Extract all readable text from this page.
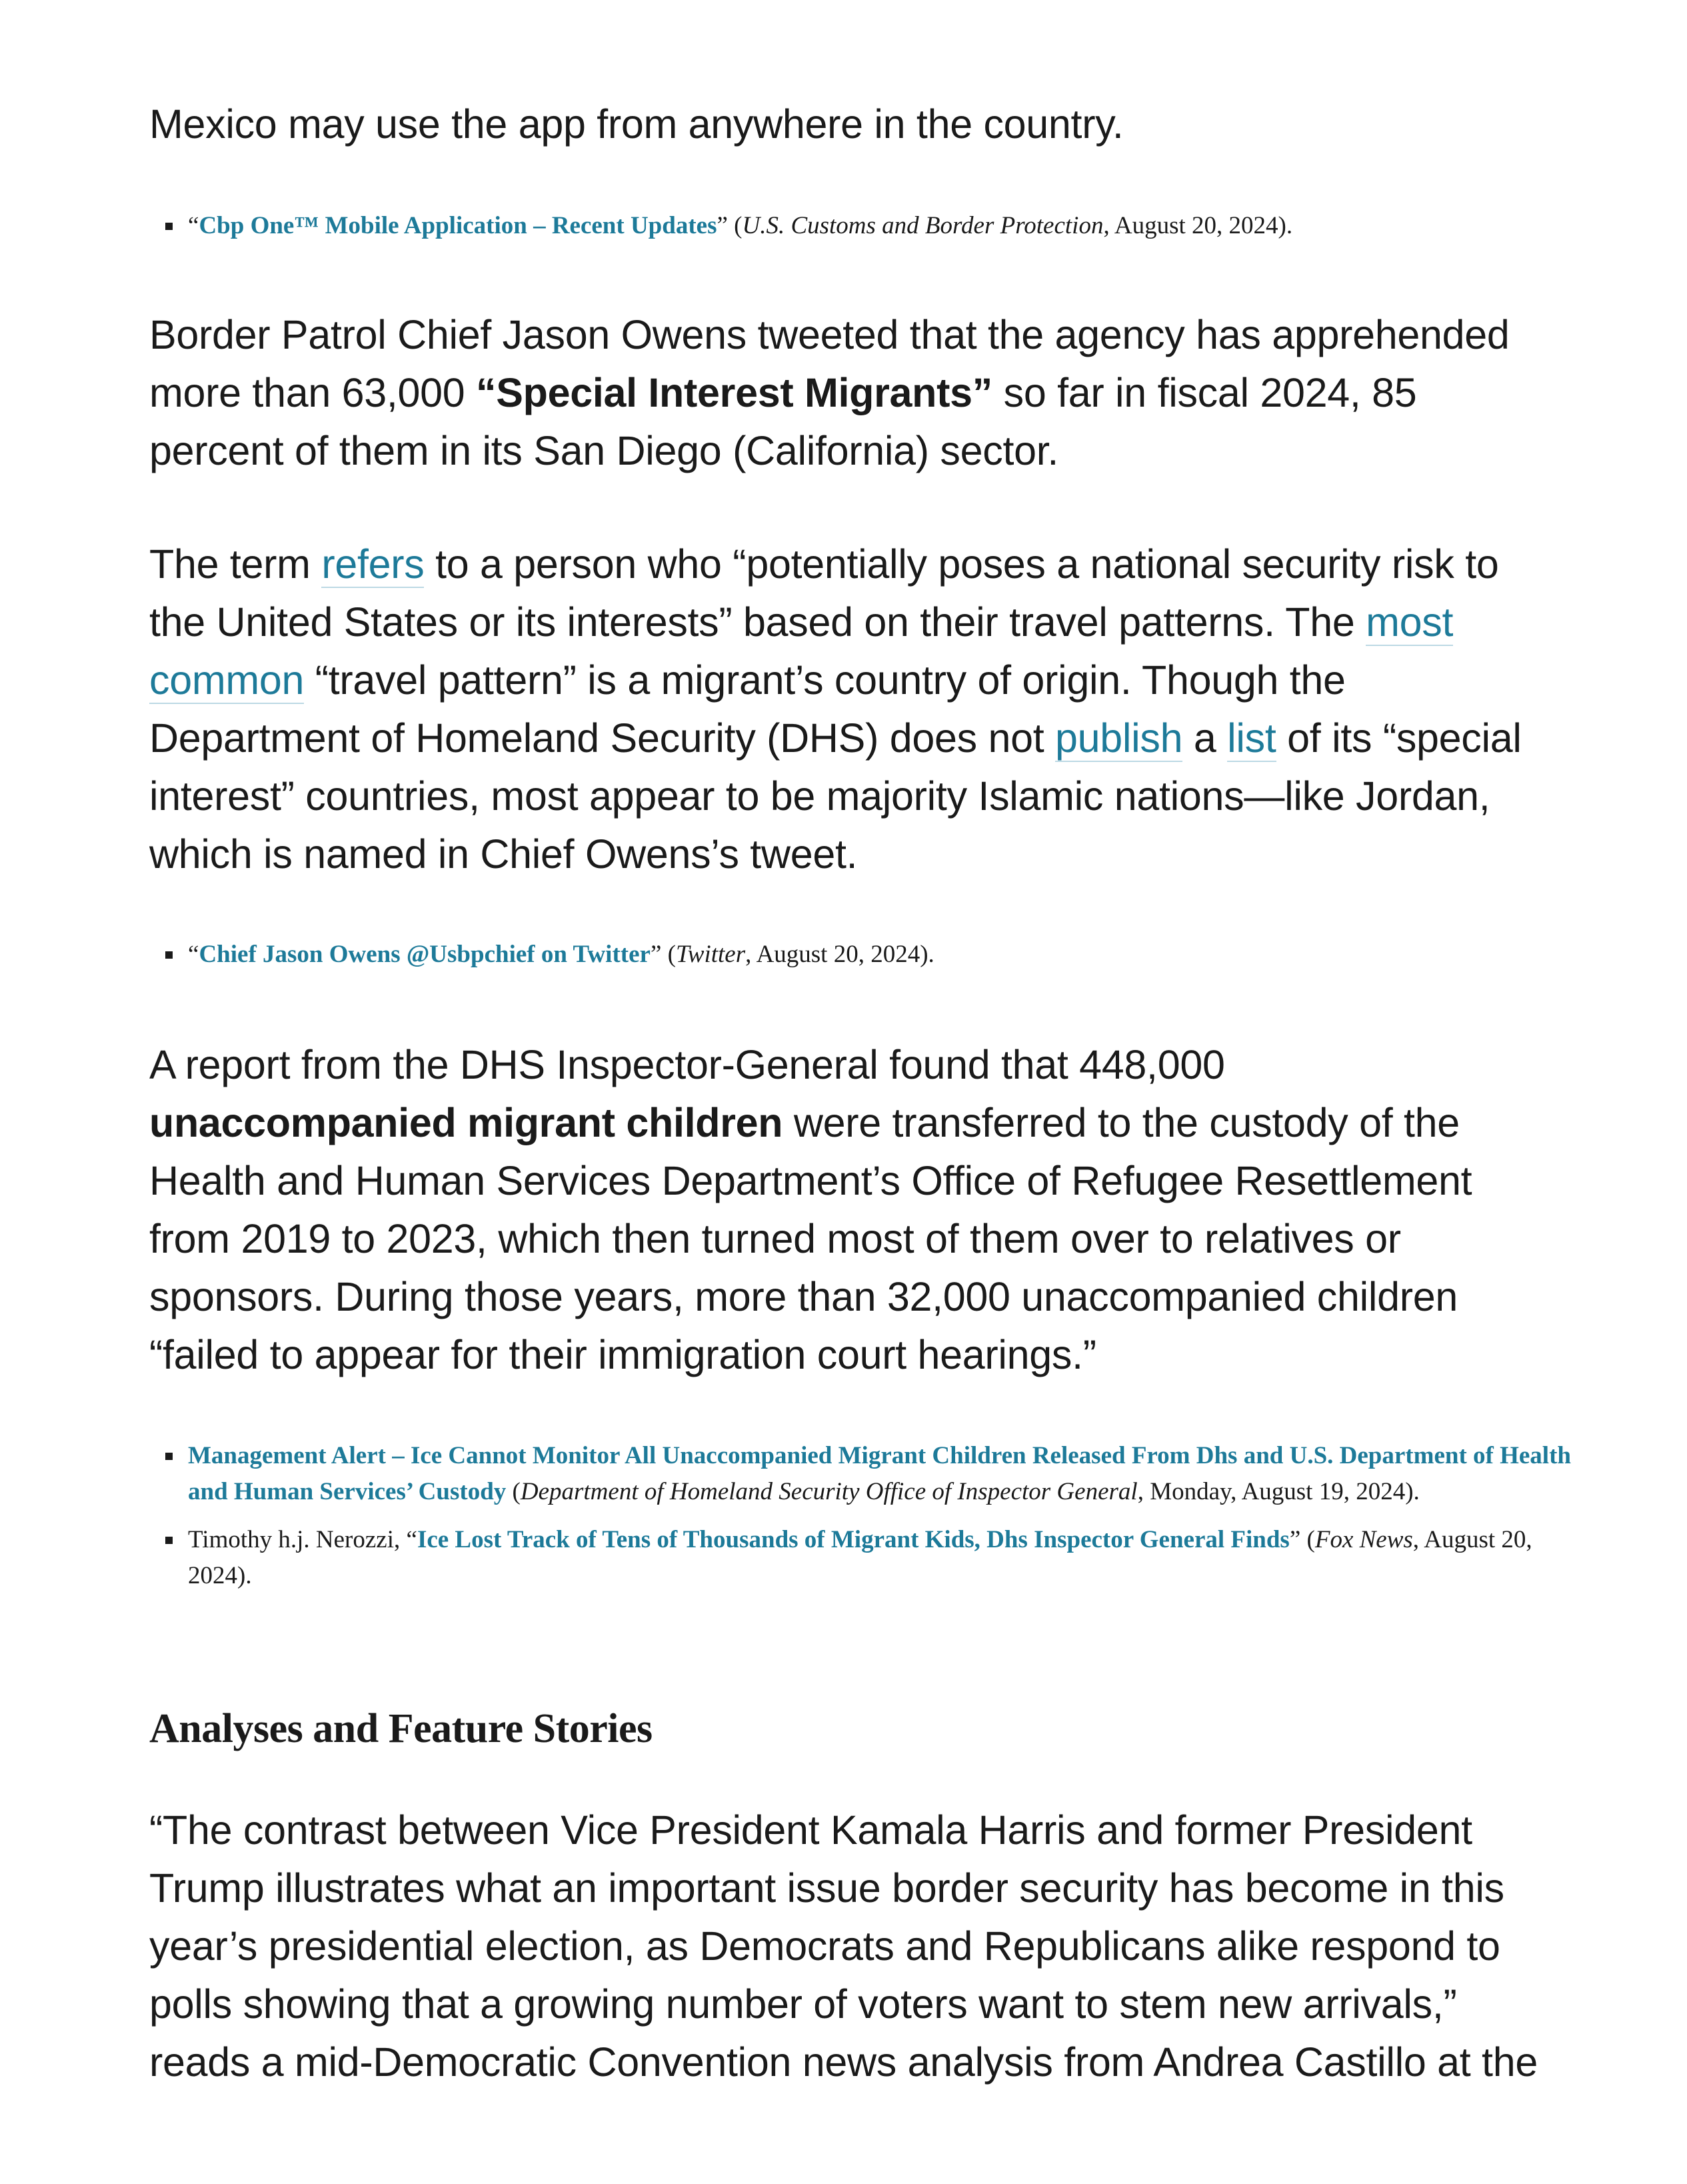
Mexico may use the app from anywhere in the country.

“Cbp One™ Mobile Application – Recent Updates” (U.S. Customs and Border Protection, August 20, 2024).

Border Patrol Chief Jason Owens tweeted that the agency has apprehended more than 63,000 “Special Interest Migrants” so far in fiscal 2024, 85 percent of them in its San Diego (California) sector.

The term refers to a person who “potentially poses a national security risk to the United States or its interests” based on their travel patterns. The most common “travel pattern” is a migrant’s country of origin. Though the Department of Homeland Security (DHS) does not publish a list of its “special interest” countries, most appear to be majority Islamic nations—like Jordan, which is named in Chief Owens’s tweet.

“Chief Jason Owens @Usbpchief on Twitter” (Twitter, August 20, 2024).

A report from the DHS Inspector-General found that 448,000 unaccompanied migrant children were transferred to the custody of the Health and Human Services Department’s Office of Refugee Resettlement from 2019 to 2023, which then turned most of them over to relatives or sponsors. During those years, more than 32,000 unaccompanied children “failed to appear for their immigration court hearings.”

Management Alert – Ice Cannot Monitor All Unaccompanied Migrant Children Released From Dhs and U.S. Department of Health and Human Services’ Custody (Department of Homeland Security Office of Inspector General, Monday, August 19, 2024).
Timothy h.j. Nerozzi, “Ice Lost Track of Tens of Thousands of Migrant Kids, Dhs Inspector General Finds” (Fox News, August 20, 2024).
Analyses and Feature Stories

“The contrast between Vice President Kamala Harris and former President Trump illustrates what an important issue border security has become in this year’s presidential election, as Democrats and Republicans alike respond to polls showing that a growing number of voters want to stem new arrivals,” reads a mid-Democratic Convention news analysis from Andrea Castillo at the
